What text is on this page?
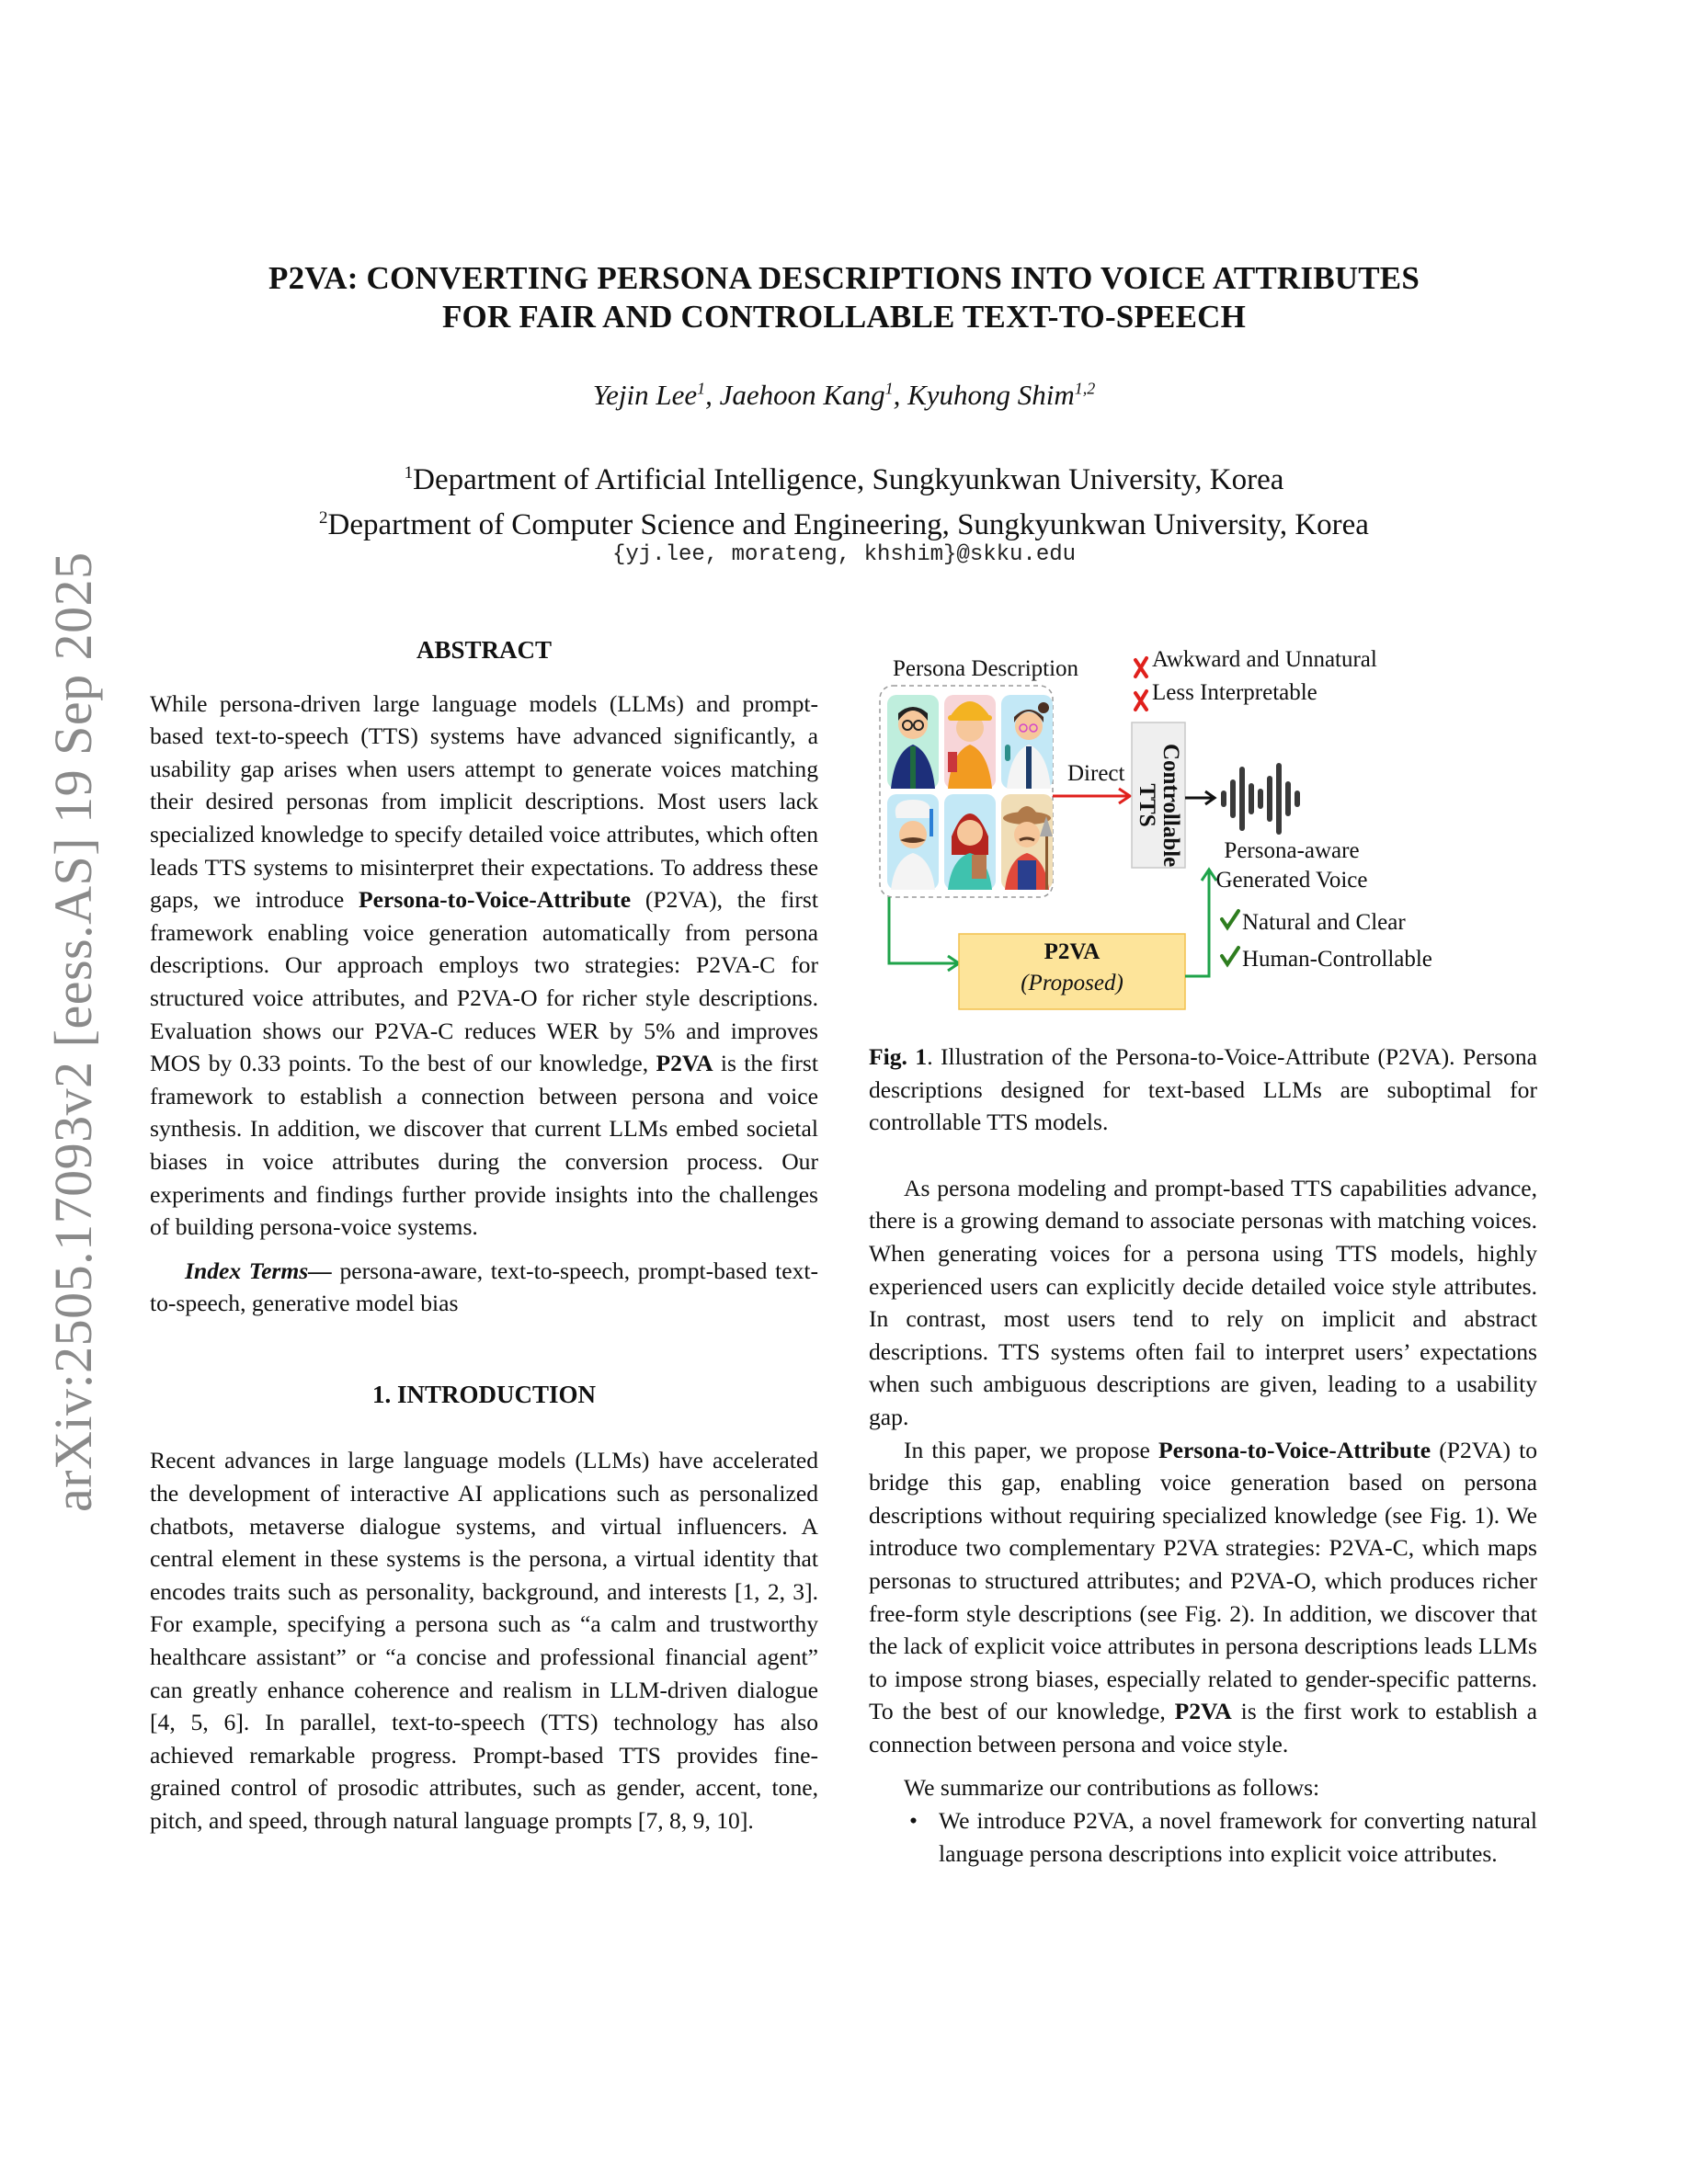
arXiv:2505.17093v2 [eess.AS] 19 Sep 2025
P2VA: CONVERTING PERSONA DESCRIPTIONS INTO VOICE ATTRIBUTES
FOR FAIR AND CONTROLLABLE TEXT-TO-SPEECH
Yejin Lee$^1$, Jaehoon Kang$^1$, Kyuhong Shim$^{1,2}$
$^1$Department of Artificial Intelligence, Sungkyunkwan University, Korea
$^2$Department of Computer Science and Engineering, Sungkyunkwan University, Korea
{yj.lee, morateng, khshim}@skku.edu
ABSTRACT

While persona-driven large language models (LLMs) and prompt-based text-to-speech (TTS) systems have advanced significantly, a usability gap arises when users attempt to generate voices matching their desired personas from implicit descriptions. Most users lack specialized knowledge to specify detailed voice attributes, which often leads TTS systems to misinterpret their expectations. To address these gaps, we introduce Persona-to-Voice-Attribute (P2VA), the first framework enabling voice generation automatically from persona descriptions. Our approach employs two strategies: P2VA-C for structured voice attributes, and P2VA-O for richer style descriptions. Evaluation shows our P2VA-C reduces WER by 5% and improves MOS by 0.33 points. To the best of our knowledge, P2VA is the first framework to establish a connection between persona and voice synthesis. In addition, we discover that current LLMs embed societal biases in voice attributes during the conversion process. Our experiments and findings further provide insights into the challenges of building persona-voice systems.

Index Terms— persona-aware, text-to-speech, prompt-based text-to-speech, generative model bias

1. INTRODUCTION

Recent advances in large language models (LLMs) have accelerated the development of interactive AI applications such as personalized chatbots, metaverse dialogue systems, and virtual influencers. A central element in these systems is the persona, a virtual identity that encodes traits such as personality, background, and interests [1, 2, 3]. For example, specifying a persona such as “a calm and trustworthy healthcare assistant” or “a concise and professional financial agent” can greatly enhance coherence and realism in LLM-driven dialogue [4, 5, 6]. In parallel, text-to-speech (TTS) technology has also achieved remarkable progress. Prompt-based TTS provides fine-grained control of prosodic attributes, such as gender, accent, tone, pitch, and speed, through natural language prompts [7, 8, 9, 10].

Persona Description	Awkward and Unnatural
Less Interpretable
Direct Controllable
TTS
Persona-aware
Generated Voice
Natural and Clear
Human-Controllable
P2VA
(Proposed)

Fig. 1. Illustration of the Persona-to-Voice-Attribute (P2VA). Persona descriptions designed for text-based LLMs are suboptimal for controllable TTS models.

As persona modeling and prompt-based TTS capabilities advance, there is a growing demand to associate personas with matching voices. When generating voices for a persona using TTS models, highly experienced users can explicitly decide detailed voice style attributes. In contrast, most users tend to rely on implicit and abstract descriptions. TTS systems often fail to interpret users’ expectations when such ambiguous descriptions are given, leading to a usability gap.

In this paper, we propose Persona-to-Voice-Attribute (P2VA) to bridge this gap, enabling voice generation based on persona descriptions without requiring specialized knowledge (see Fig. 1). We introduce two complementary P2VA strategies: P2VA-C, which maps personas to structured attributes; and P2VA-O, which produces richer free-form style descriptions (see Fig. 2). In addition, we discover that the lack of explicit voice attributes in persona descriptions leads LLMs to impose strong biases, especially related to gender-specific patterns. To the best of our knowledge, P2VA is the first work to establish a connection between persona and voice style.

We summarize our contributions as follows:

• We introduce P2VA, a novel framework for converting natural language persona descriptions into explicit voice attributes.
